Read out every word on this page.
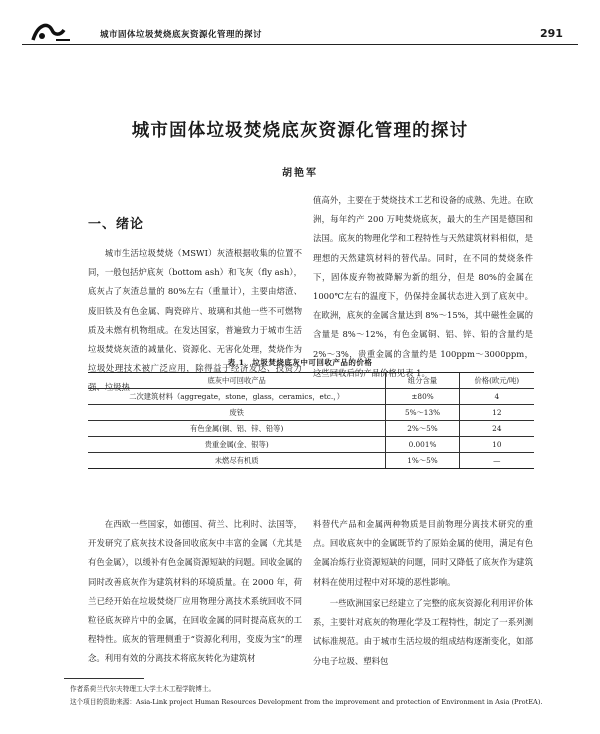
城市固体垃圾焚烧底灰资源化管理的探讨	291
城市固体垃圾焚烧底灰资源化管理的探讨
胡艳军
一、绪论
城市生活垃圾焚烧（MSWI）灰渣根据收集的位置不同，一般包括炉底灰（bottom ash）和飞灰（fly ash），底灰占了灰渣总量的 80%左右（重量计），主要由熔渣、废旧铁及有色金属、陶瓷碎片、玻璃和其他一些不可燃物质及未燃有机物组成。在发达国家，普遍致力于城市生活垃圾焚烧灰渣的减量化、资源化、无害化处理，焚烧作为垃圾处理技术被广泛应用，除得益于经济发达、投资力强、垃圾热
值高外，主要在于焚烧技术工艺和设备的成熟、先进。在欧洲，每年约产 200 万吨焚烧底灰，最大的生产国是德国和法国。底灰的物理化学和工程特性与天然建筑材料相似，是理想的天然建筑材料的替代品。同时，在不同的焚烧条件下，固体废弃物被降解为新的组分，但是 80%的金属在 1000℃左右的温度下，仍保持金属状态进入到了底灰中。在欧洲，底灰的金属含量达到 8%～15%，其中磁性金属的含量是 8%～12%，有色金属铜、铝、锌、铅的含量约是 2%～3%，贵重金属的含量约是 100ppm～3000ppm，这些回收后的产品价格见表 1。
表 1　垃圾焚烧底灰中可回收产品的价格
底灰中可回收产品	组分含量	价格(欧元/吨)
二次建筑材料（aggregate，stone，glass，ceramics，etc.，）	±80%	4
废铁	5%～13%	12
有色金属(铜、铝、锌、铅等)	2%～5%	24
贵重金属(金、银等)	0.001%	10
未燃尽有机质	1%～5%	—
在西欧一些国家，如德国、荷兰、比利时、法国等，开发研究了底灰技术设备回收底灰中丰富的金属（尤其是有色金属），以缓补有色金属资源短缺的问题。回收金属的同时改善底灰作为建筑材料的环境质量。在 2000 年，荷兰已经开始在垃圾焚烧厂应用物理分离技术系统回收不同粒径底灰碎片中的金属，在回收金属的同时提高底灰的工程特性。底灰的管理侧重于“资源化利用，变废为宝”的理念。利用有效的分离技术将底灰转化为建筑材
料替代产品和金属两种物质是目前物理分离技术研究的重点。回收底灰中的金属既节约了原始金属的使用，满足有色金属冶炼行业资源短缺的问题，同时又降低了底灰作为建筑材料在使用过程中对环境的恶性影响。
一些欧洲国家已经建立了完整的底灰资源化利用评价体系，主要针对底灰的物理化学及工程特性，制定了一系列测试标准规范。由于城市生活垃圾的组成结构逐渐变化，如部分电子垃圾、塑料包
作者系荷兰代尔夫特理工大学土木工程学院博士。
这个项目的资助来源：Asia-Link project Human Resources Development from the improvement and protection of Environment in Asia (ProtEA).
